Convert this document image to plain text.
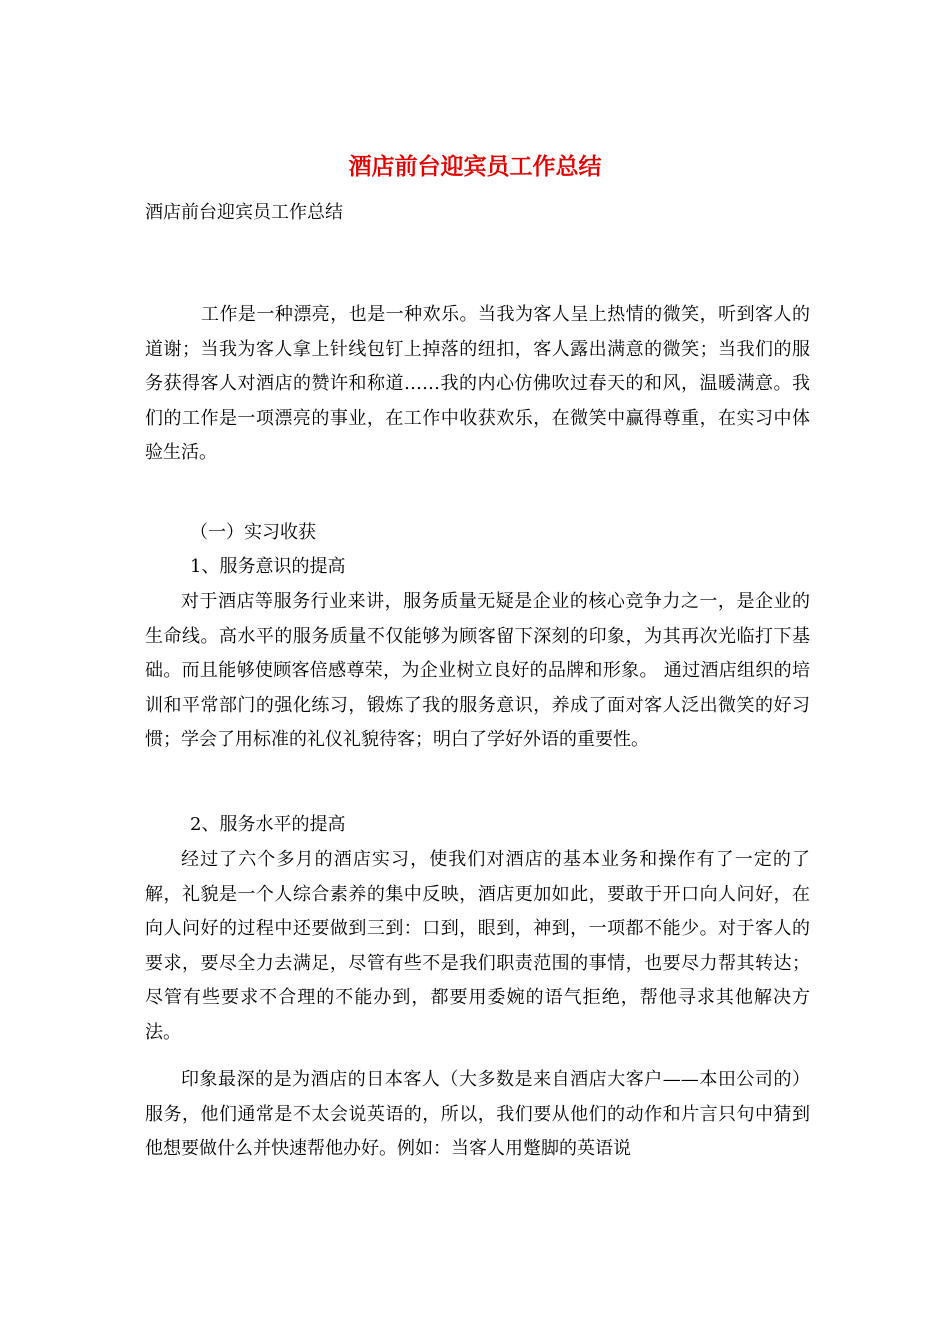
酒店前台迎宾员工作总结

酒店前台迎宾员工作总结

工作是一种漂亮，也是一种欢乐。当我为客人呈上热情的微笑，听到客人的道谢；当我为客人拿上针线包钉上掉落的纽扣，客人露出满意的微笑；当我们的服务获得客人对酒店的赞许和称道……我的内心仿佛吹过春天的和风，温暖满意。我们的工作是一项漂亮的事业，在工作中收获欢乐，在微笑中赢得尊重，在实习中体验生活。

（一）实习收获

1、服务意识的提高

对于酒店等服务行业来讲，服务质量无疑是企业的核心竞争力之一，是企业的生命线。高水平的服务质量不仅能够为顾客留下深刻的印象，为其再次光临打下基础。而且能够使顾客倍感尊荣，为企业树立良好的品牌和形象。 通过酒店组织的培训和平常部门的强化练习，锻炼了我的服务意识，养成了面对客人泛出微笑的好习惯；学会了用标准的礼仪礼貌待客；明白了学好外语的重要性。

2、服务水平的提高

经过了六个多月的酒店实习，使我们对酒店的基本业务和操作有了一定的了解，礼貌是一个人综合素养的集中反映，酒店更加如此，要敢于开口向人问好，在向人问好的过程中还要做到三到：口到，眼到，神到，一项都不能少。对于客人的要求，要尽全力去满足，尽管有些不是我们职责范围的事情，也要尽力帮其转达；尽管有些要求不合理的不能办到，都要用委婉的语气拒绝，帮他寻求其他解决方法。

印象最深的是为酒店的日本客人（大多数是来自酒店大客户——本田公司的）服务，他们通常是不太会说英语的，所以，我们要从他们的动作和片言只句中猜到他想要做什么并快速帮他办好。例如：当客人用蹩脚的英语说
